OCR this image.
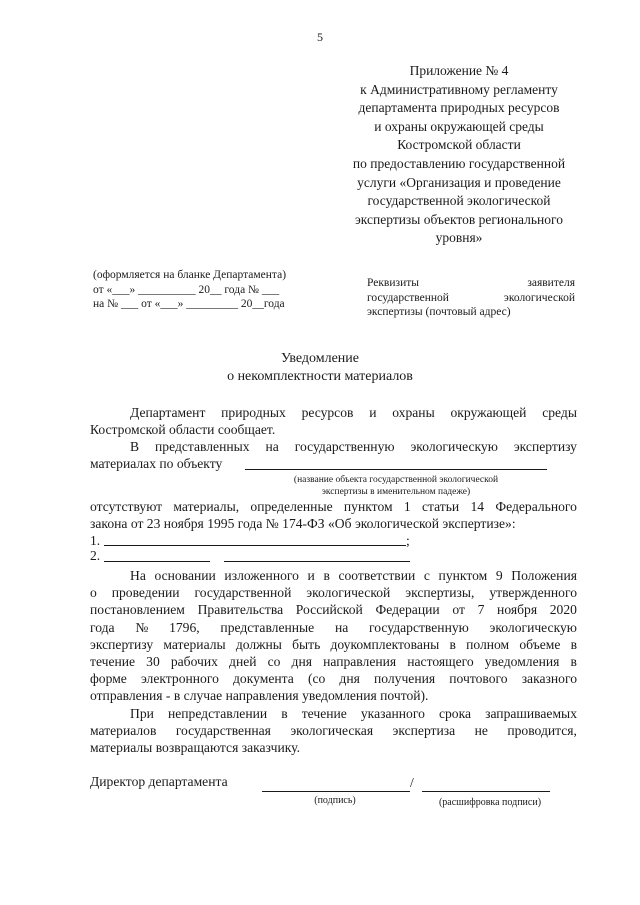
5
Приложение № 4
к Административному регламенту
департамента природных ресурсов
и охраны окружающей среды
Костромской области
по предоставлению государственной
услуги «Организация и проведение
государственной экологической
экспертизы объектов регионального
уровня»
(оформляется на бланке Департамента)
от «___» __________ 20__ года № ___
на № ___ от «___» _________ 20__года
Реквизиты	заявителя
государственной	экологической
экспертизы (почтовый адрес)
Уведомление
о некомплектности материалов
Департамент природных ресурсов и охраны окружающей среды
Костромской области сообщает.
В представленных на государственную экологическую экспертизу
материалах по объекту
(название объекта государственной экологической
экспертизы в именительном падеже)
отсутствуют материалы, определенные пунктом 1 статьи 14 Федерального
закона от 23 ноября 1995 года № 174-ФЗ «Об экологической экспертизе»:
1.	;
2.
На основании изложенного и в соответствии с пунктом 9 Положения
о проведении государственной экологической экспертизы, утвержденного
постановлением Правительства Российской Федерации от 7 ноября 2020
года № 1796, представленные на государственную экологическую
экспертизу материалы должны быть доукомплектованы в полном объеме в
течение 30 рабочих дней со дня направления настоящего уведомления в
форме электронного документа (со дня получения почтового заказного
отправления - в случае направления уведомления почтой).
При непредставлении в течение указанного срока запрашиваемых
материалов государственная экологическая экспертиза не проводится,
материалы возвращаются заказчику.
Директор департамента	/
(подпись)	(расшифровка подписи)
